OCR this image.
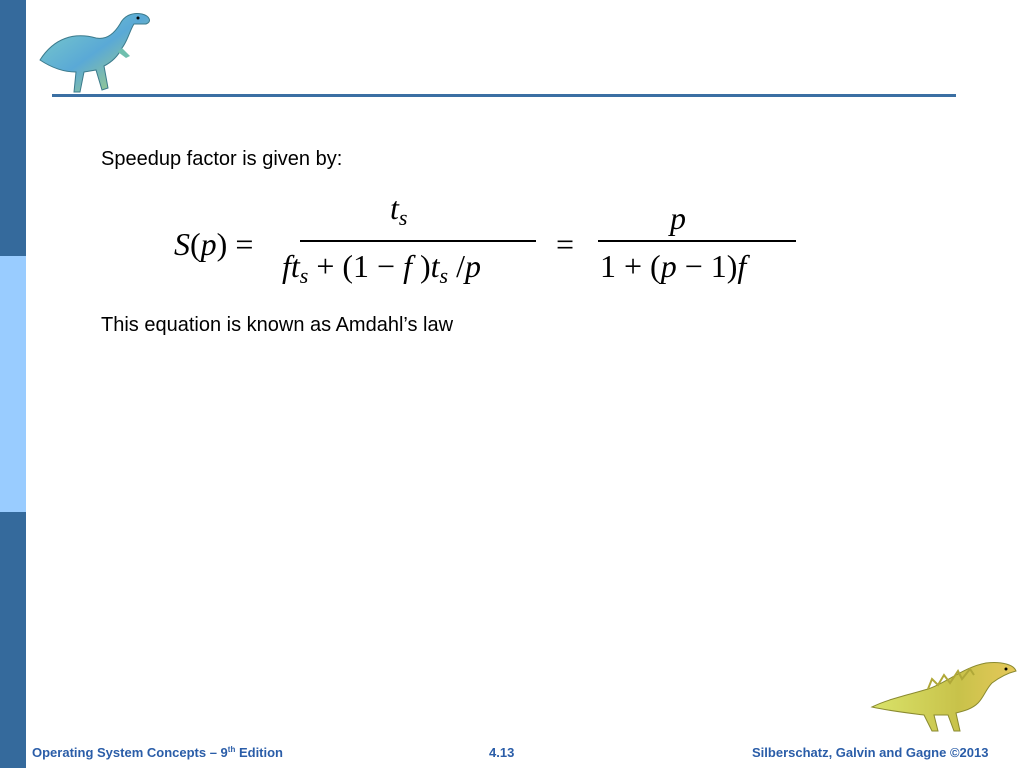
Speedup factor is given by:
S(p) =
$t_s$
$ft_s + (1 - f$ )$t_s$ /p
=
p
1 + (p − 1)f
This equation is known as Amdahl’s law
Operating System Concepts – 9th Edition	4.13	Silberschatz, Galvin and Gagne ©2013
